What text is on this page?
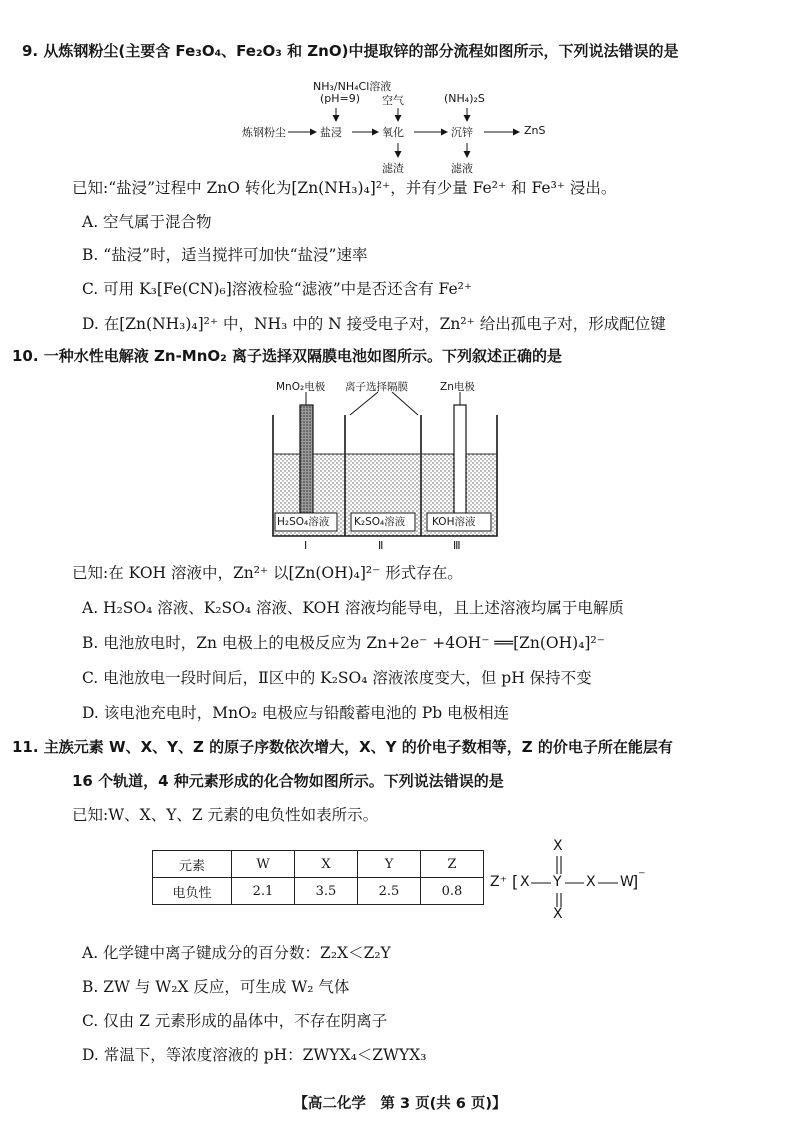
9. 从炼钢粉尘(主要含 Fe₃O₄、Fe₂O₃ 和 ZnO)中提取锌的部分流程如图所示，下列说法错误的是
NH₃/NH₄Cl溶液
(pH=9) 空气	(NH₄)₂S
炼钢粉尘	盐浸	氧化	沉锌	ZnS
滤渣	滤液
已知:“盐浸”过程中 ZnO 转化为[Zn(NH₃)₄]²⁺，并有少量 Fe²⁺ 和 Fe³⁺ 浸出。
A. 空气属于混合物
B. “盐浸”时，适当搅拌可加快“盐浸”速率
C. 可用 K₃[Fe(CN)₆]溶液检验“滤液”中是否还含有 Fe²⁺
D. 在[Zn(NH₃)₄]²⁺ 中，NH₃ 中的 N 接受电子对，Zn²⁺ 给出孤电子对，形成配位键
10. 一种水性电解液 Zn-MnO₂ 离子选择双隔膜电池如图所示。下列叙述正确的是
MnO₂电极 离子选择隔膜	Zn电极
H₂SO₄溶液 K₂SO₄溶液	KOH溶液
Ⅰ	Ⅱ	Ⅲ
已知:在 KOH 溶液中，Zn²⁺ 以[Zn(OH)₄]²⁻ 形式存在。
A. H₂SO₄ 溶液、K₂SO₄ 溶液、KOH 溶液均能导电，且上述溶液均属于电解质
B. 电池放电时，Zn 电极上的电极反应为 Zn+2e⁻ +4OH⁻ ══[Zn(OH)₄]²⁻
C. 电池放电一段时间后，Ⅱ区中的 K₂SO₄ 溶液浓度变大，但 pH 保持不变
D. 该电池充电时，MnO₂ 电极应与铅酸蓄电池的 Pb 电极相连
11. 主族元素 W、X、Y、Z 的原子序数依次增大，X、Y 的价电子数相等，Z 的价电子所在能层有
16 个轨道，4 种元素形成的化合物如图所示。下列说法错误的是
已知:W、X、Y、Z 元素的电负性如表所示。
元素	W	X	Y	Z
电负性	2.1	3.5	2.5	0.8
Z⁺ [ X Y X W
] ⁻
X
X
A. 化学键中离子键成分的百分数：Z₂X＜Z₂Y
B. ZW 与 W₂X 反应，可生成 W₂ 气体
C. 仅由 Z 元素形成的晶体中，不存在阴离子
D. 常温下，等浓度溶液的 pH：ZWYX₄＜ZWYX₃
【高二化学　第 3 页(共 6 页)】
